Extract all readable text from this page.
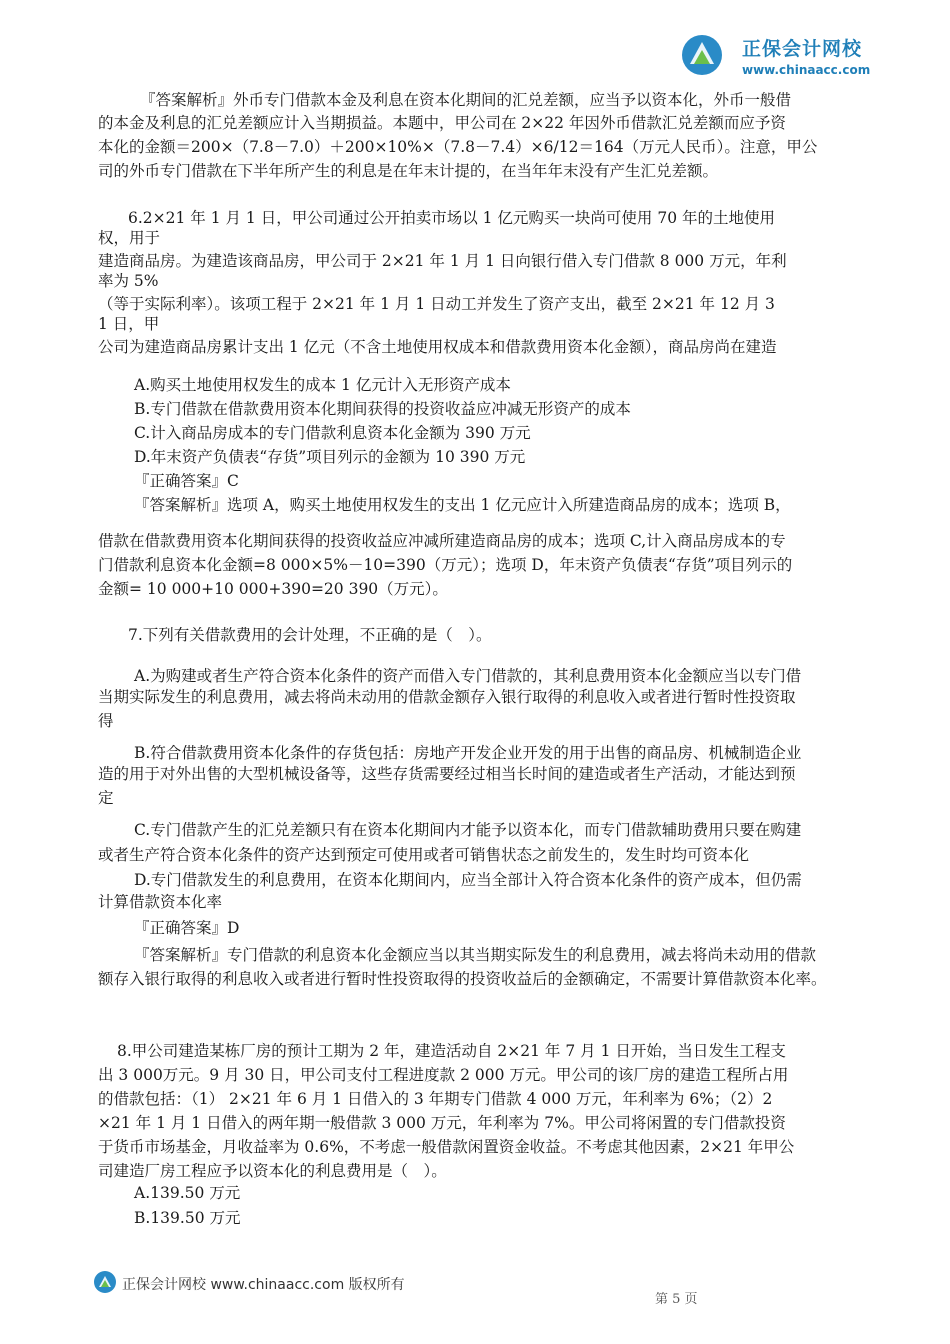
正保会计网校
www.chinaacc.com
『答案解析』外币专门借款本金及利息在资本化期间的汇兑差额，应当予以资本化，外币一般借
的本金及利息的汇兑差额应计入当期损益。本题中，甲公司在 2×22 年因外币借款汇兑差额而应予资
本化的金额＝200×（7.8－7.0）＋200×10%×（7.8－7.4）×6/12＝164（万元人民币）。注意，甲公
司的外币专门借款在下半年所产生的利息是在年末计提的，在当年年末没有产生汇兑差额。
6.2×21 年 1 月 1 日，甲公司通过公开拍卖市场以 1 亿元购买一块尚可使用 70 年的土地使用
权，用于
建造商品房。为建造该商品房，甲公司于 2×21 年 1 月 1 日向银行借入专门借款 8 000 万元，年利
率为 5%
（等于实际利率）。该项工程于 2×21 年 1 月 1 日动工并发生了资产支出，截至 2×21 年 12 月 3
1 日，甲
公司为建造商品房累计支出 1 亿元（不含土地使用权成本和借款费用资本化金额），商品房尚在建造
A.购买土地使用权发生的成本 1 亿元计入无形资产成本
B.专门借款在借款费用资本化期间获得的投资收益应冲减无形资产的成本
C.计入商品房成本的专门借款利息资本化金额为 390 万元
D.年末资产负债表“存货”项目列示的金额为 10 390 万元
『正确答案』C
『答案解析』选项 A，购买土地使用权发生的支出 1 亿元应计入所建造商品房的成本；选项 B，
借款在借款费用资本化期间获得的投资收益应冲减所建造商品房的成本；选项 C,计入商品房成本的专
门借款利息资本化金额=8 000×5%－10=390（万元）；选项 D，年末资产负债表“存货”项目列示的
金额= 10 000+10 000+390=20 390（万元）。
7.下列有关借款费用的会计处理，不正确的是（　）。
A.为购建或者生产符合资本化条件的资产而借入专门借款的，其利息费用资本化金额应当以专门借
当期实际发生的利息费用，减去将尚未动用的借款金额存入银行取得的利息收入或者进行暂时性投资取
得
B.符合借款费用资本化条件的存货包括：房地产开发企业开发的用于出售的商品房、机械制造企业
造的用于对外出售的大型机械设备等，这些存货需要经过相当长时间的建造或者生产活动，才能达到预
定
C.专门借款产生的汇兑差额只有在资本化期间内才能予以资本化，而专门借款辅助费用只要在购建
或者生产符合资本化条件的资产达到预定可使用或者可销售状态之前发生的，发生时均可资本化
D.专门借款发生的利息费用，在资本化期间内，应当全部计入符合资本化条件的资产成本，但仍需
计算借款资本化率
『正确答案』D
『答案解析』专门借款的利息资本化金额应当以其当期实际发生的利息费用，减去将尚未动用的借款
额存入银行取得的利息收入或者进行暂时性投资取得的投资收益后的金额确定，不需要计算借款资本化率。
8.甲公司建造某栋厂房的预计工期为 2 年，建造活动自 2×21 年 7 月 1 日开始，当日发生工程支
出 3 000万元。9 月 30 日，甲公司支付工程进度款 2 000 万元。甲公司的该厂房的建造工程所占用
的借款包括：（1） 2×21 年 6 月 1 日借入的 3 年期专门借款 4 000 万元，年利率为 6%；（2）2
×21 年 1 月 1 日借入的两年期一般借款 3 000 万元，年利率为 7%。甲公司将闲置的专门借款投资
于货币市场基金，月收益率为 0.6%，不考虑一般借款闲置资金收益。不考虑其他因素，2×21 年甲公
司建造厂房工程应予以资本化的利息费用是（　）。
A.139.50 万元
B.139.50 万元
正保会计网校 www.chinaacc.com 版权所有
第 5 页
